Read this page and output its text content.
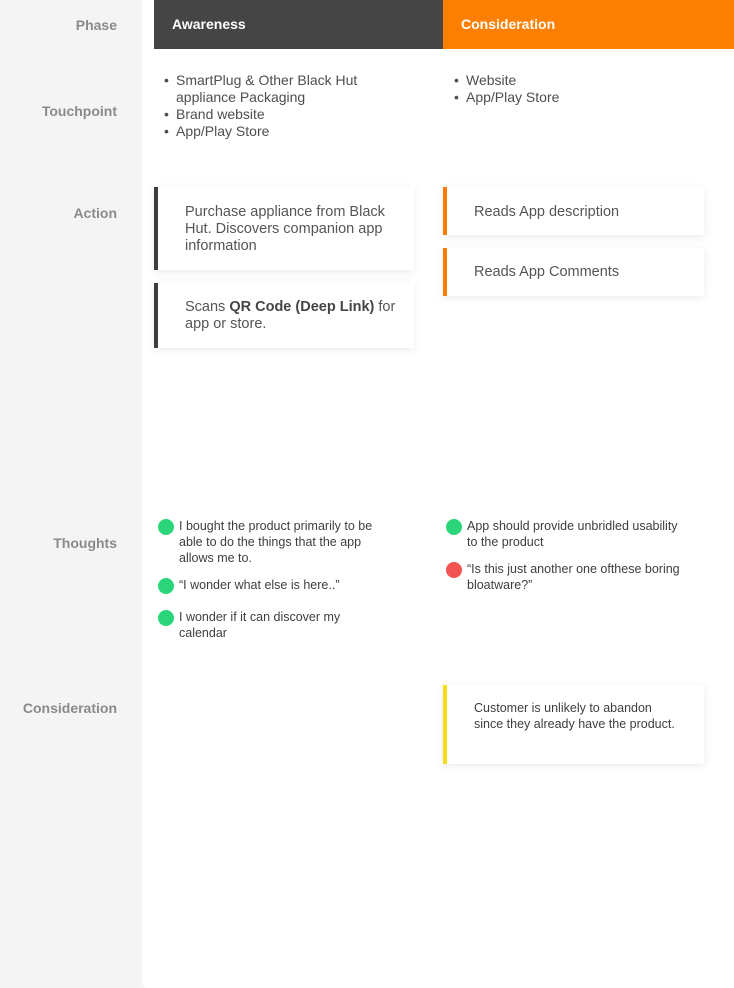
Phase
Touchpoint
Action
Thoughts
Consideration
Awareness	Consideration
• SmartPlug & Other Black Hut appliance Packaging
• Brand website
• App/Play Store
• Website
• App/Play Store
Purchase appliance from Black Hut. Discovers companion app information
Scans QR Code (Deep Link) for app or store.
Reads App description
Reads App Comments
I bought the product primarily to be able to do the things that the app allows me to.
“I wonder what else is here..”
I wonder if it can discover my calendar
App should provide unbridled usability to the product
“Is this just another one ofthese boring bloatware?”
Customer is unlikely to abandon since they already have the product.
